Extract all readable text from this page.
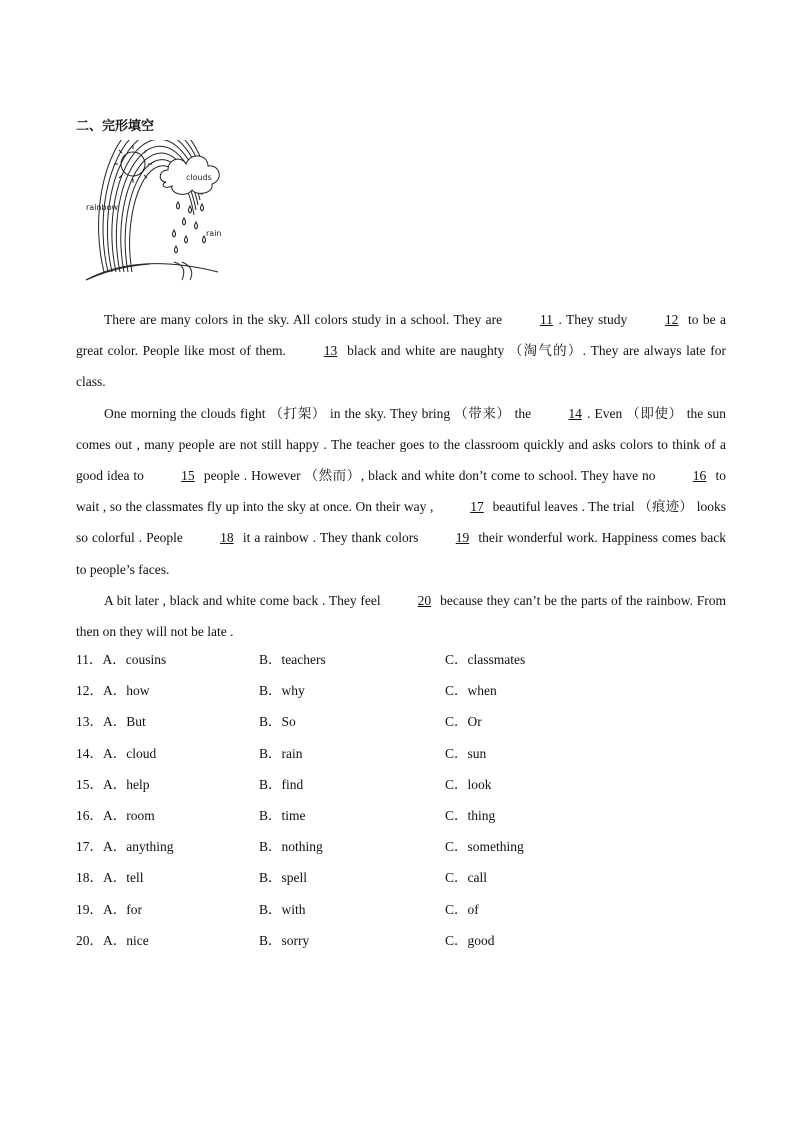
二、完形填空
clouds
rainbow
rain

There are many colors in the sky. All colors study in a school. They are 11 . They study 12 to be a great color. People like most of them. 13 black and white are naughty （淘气的）. They are always late for class.

One morning the clouds fight （打架） in the sky. They bring （带来） the 14 . Even （即使） the sun comes out , many people are not still happy . The teacher goes to the classroom quickly and asks colors to think of a good idea to 15 people . However （然而）, black and white don’t come to school. They have no 16 to wait , so the classmates fly up into the sky at once. On their way , 17 beautiful leaves . The trial （痕迹） looks so colorful . People 18 it a rainbow . They thank colors 19 their wonderful work. Happiness comes back to people’s faces.

A bit later , black and white come back . They feel 20 because they can’t be the parts of the rainbow. From then on they will not be late .

11．A．cousins	B．teachers	C．classmates
12．A．how	B．why	C．when
13．A．But	B．So	C．Or
14．A．cloud	B．rain	C．sun
15．A．help	B．find	C．look
16．A．room	B．time	C．thing
17．A．anything	B．nothing	C．something
18．A．tell	B．spell	C．call
19．A．for	B．with	C．of
20．A．nice	B．sorry	C．good
